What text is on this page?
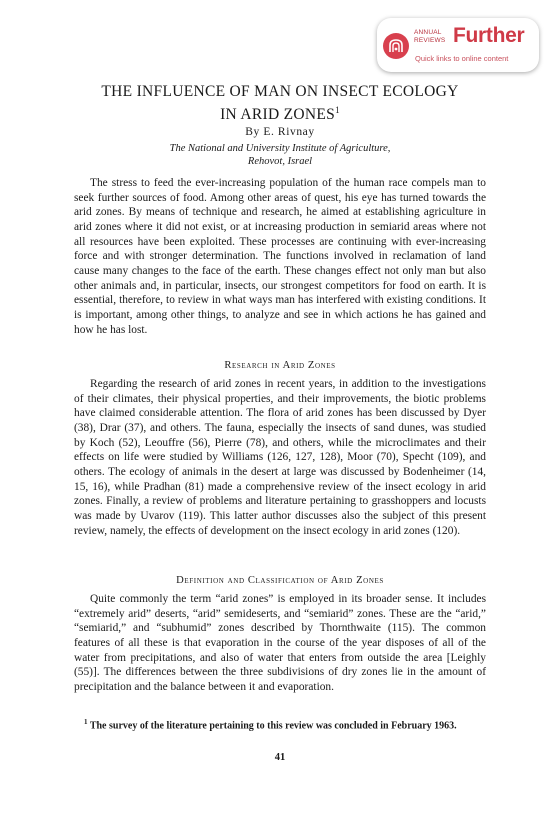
ANNUAL
REVIEWS Further
Quick links to online content
THE INFLUENCE OF MAN ON INSECT ECOLOGY
IN ARID ZONES$^1$
By E. Rivnay
The National and University Institute of Agriculture,
Rehovot, Israel

The stress to feed the ever-increasing population of the human race compels man to seek further sources of food. Among other areas of quest, his eye has turned towards the arid zones. By means of technique and research, he aimed at establishing agriculture in arid zones where it did not exist, or at increasing production in semiarid areas where not all resources have been exploited. These processes are continuing with ever-increasing force and with stronger determination. The functions involved in reclamation of land cause many changes to the face of the earth. These changes effect not only man but also other animals and, in particular, insects, our strongest competitors for food on earth. It is essential, therefore, to review in what ways man has interfered with existing conditions. It is important, among other things, to analyze and see in which actions he has gained and how he has lost.

Research in Arid Zones

Regarding the research of arid zones in recent years, in addition to the investigations of their climates, their physical properties, and their improvements, the biotic problems have claimed considerable attention. The flora of arid zones has been discussed by Dyer (38), Drar (37), and others. The fauna, especially the insects of sand dunes, was studied by Koch (52), Leouffre (56), Pierre (78), and others, while the microclimates and their effects on life were studied by Williams (126, 127, 128), Moor (70), Specht (109), and others. The ecology of animals in the desert at large was discussed by Bodenheimer (14, 15, 16), while Pradhan (81) made a comprehensive review of the insect ecology in arid zones. Finally, a review of problems and literature pertaining to grasshoppers and locusts was made by Uvarov (119). This latter author discusses also the subject of this present review, namely, the effects of development on the insect ecology in arid zones (120).

Definition and Classification of Arid Zones

Quite commonly the term “arid zones” is employed in its broader sense. It includes “extremely arid” deserts, “arid” semideserts, and “semiarid” zones. These are the “arid,” “semiarid,” and “subhumid” zones described by Thornthwaite (115). The common features of all these is that evaporation in the course of the year disposes of all of the water from precipitations, and also of water that enters from outside the area [Leighly (55)]. The differences between the three subdivisions of dry zones lie in the amount of precipitation and the balance between it and evaporation.

$^1$ The survey of the literature pertaining to this review was concluded in February 1963.

41
